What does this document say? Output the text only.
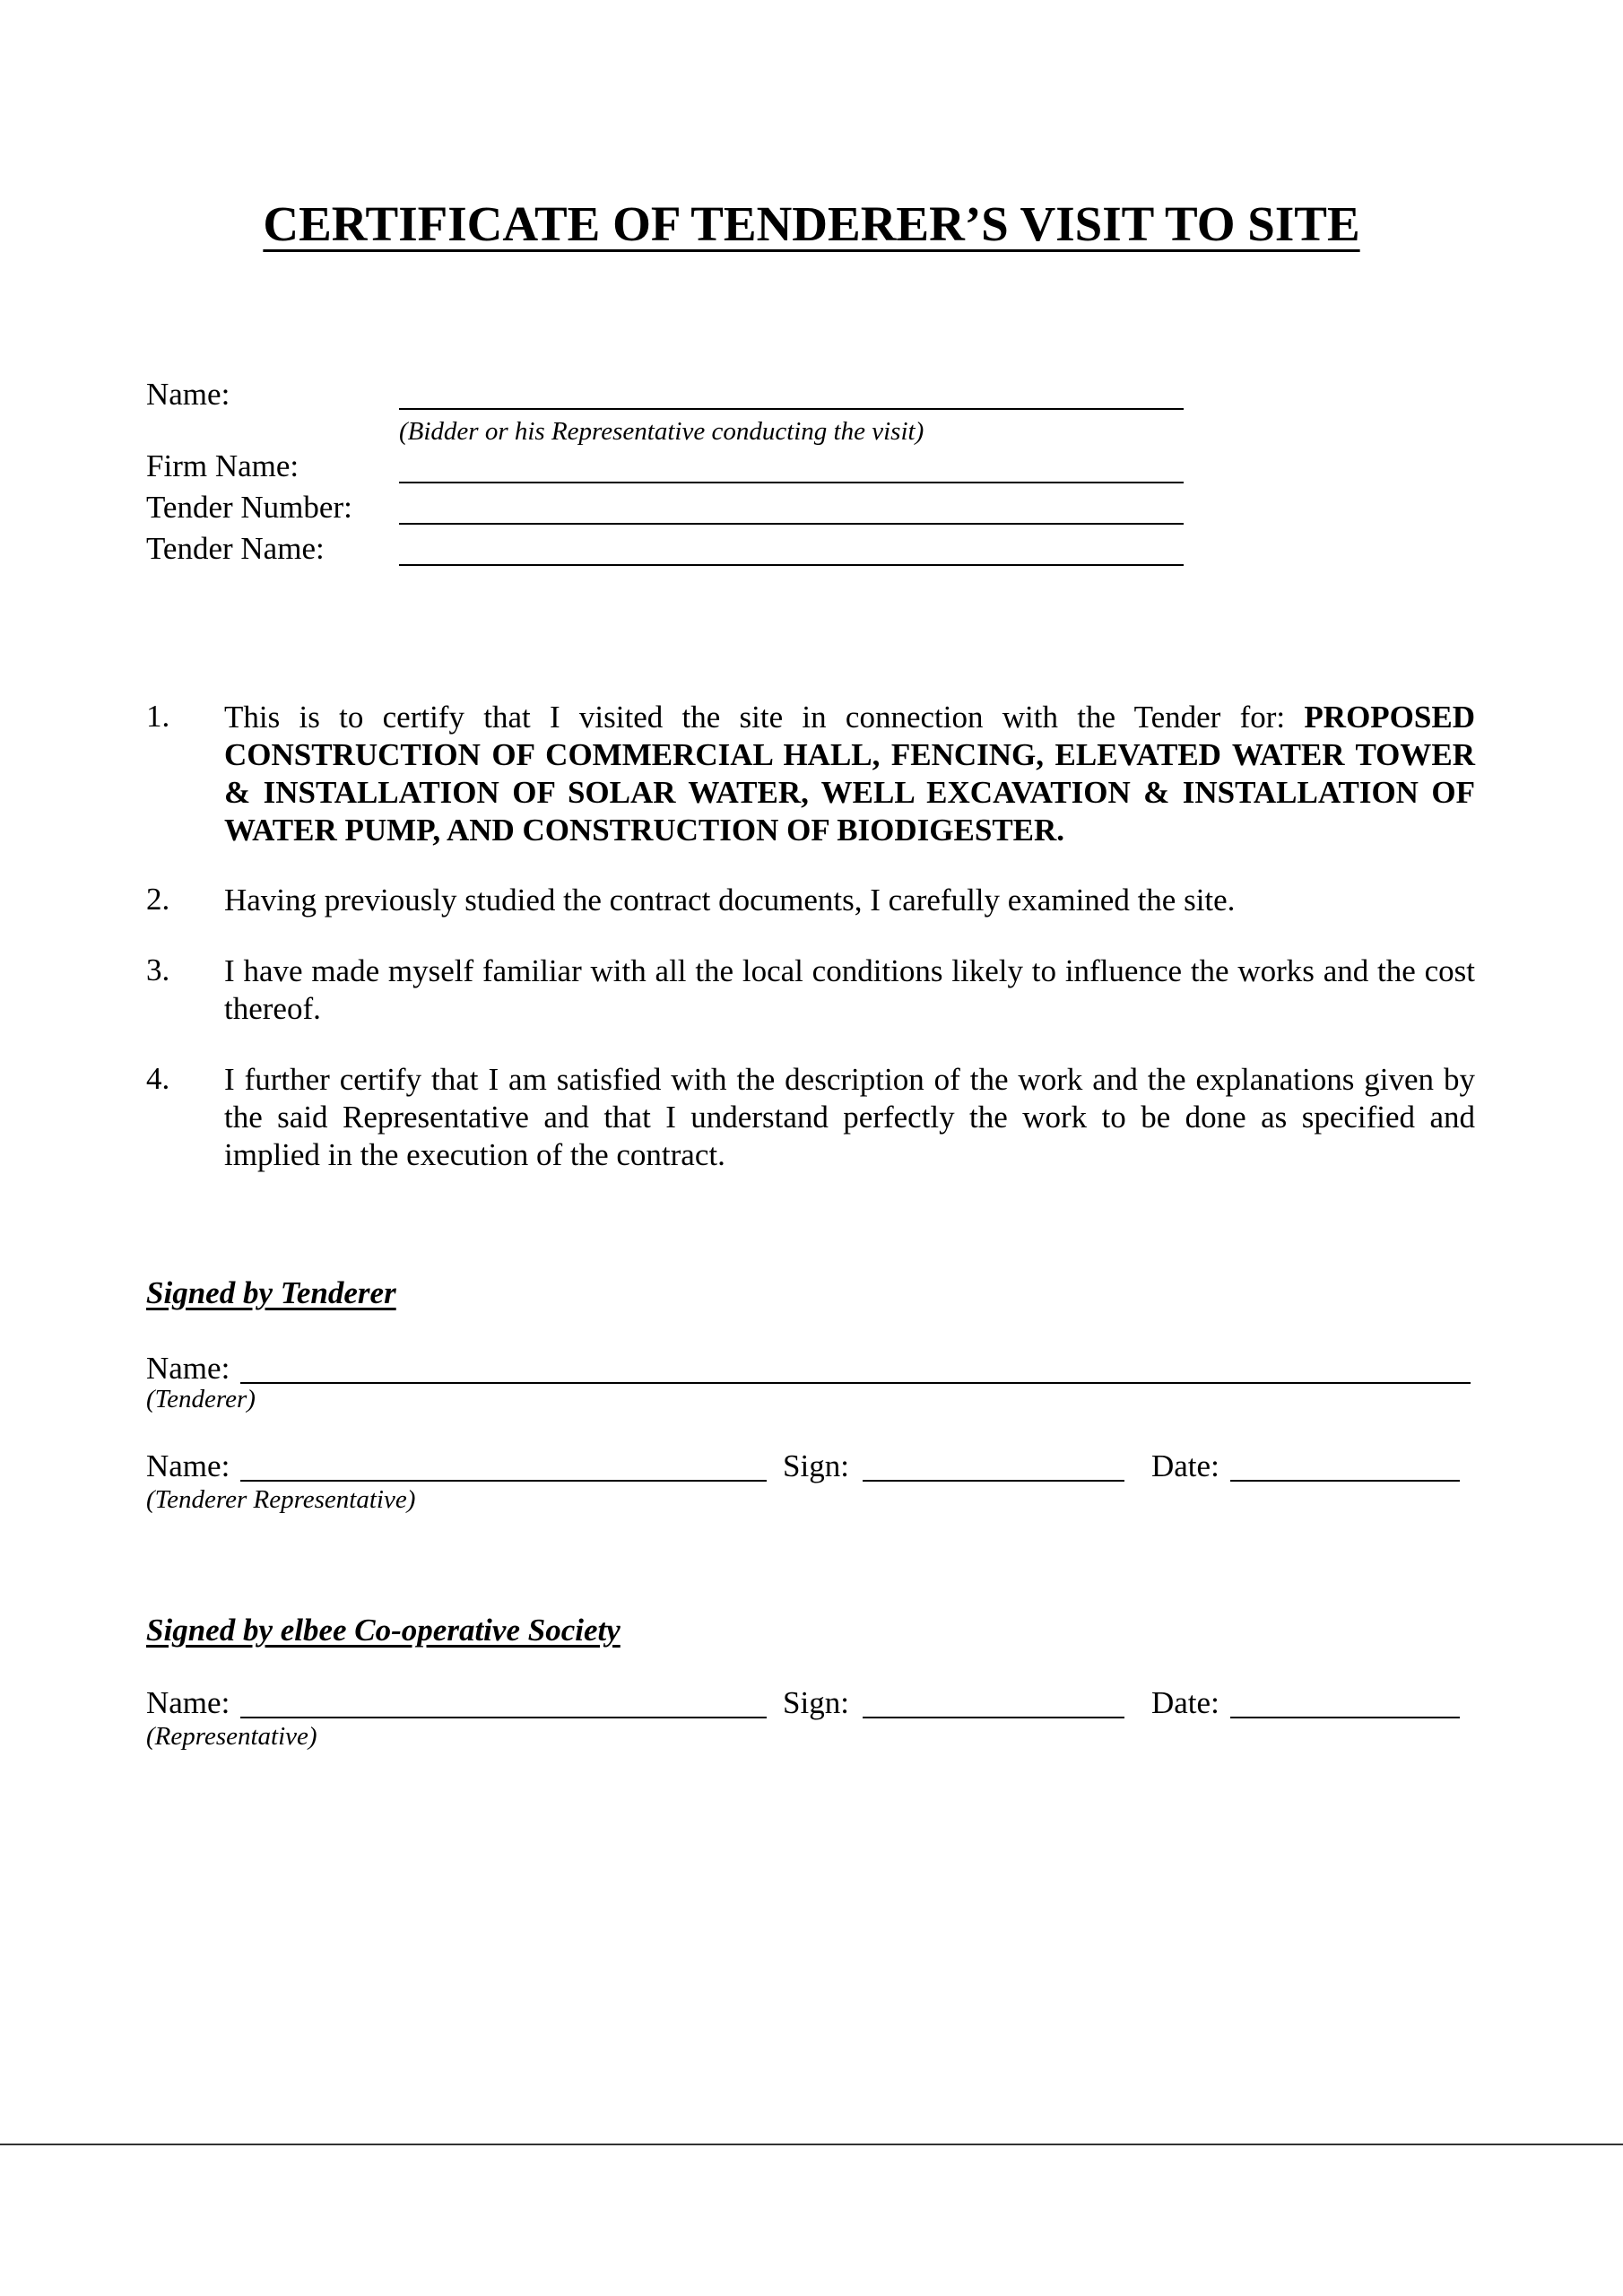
CERTIFICATE OF TENDERER’S VISIT TO SITE
Name:
(Bidder or his Representative conducting the visit)
Firm Name:
Tender Number:
Tender Name:
1. This is to certify that I visited the site in connection with the Tender for: PROPOSED CONSTRUCTION OF COMMERCIAL HALL, FENCING, ELEVATED WATER TOWER & INSTALLATION OF SOLAR WATER, WELL EXCAVATION & INSTALLATION OF WATER PUMP, AND CONSTRUCTION OF BIODIGESTER.
2. Having previously studied the contract documents, I carefully examined the site.
3. I have made myself familiar with all the local conditions likely to influence the works and the cost thereof.
4. I further certify that I am satisfied with the description of the work and the explanations given by the said Representative and that I understand perfectly the work to be done as specified and implied in the execution of the contract.
Signed by Tenderer
Name:
(Tenderer)
Name:	Sign:	Date:
(Tenderer Representative)
Signed by elbee Co-operative Society
Name:	Sign:	Date:
(Representative)
